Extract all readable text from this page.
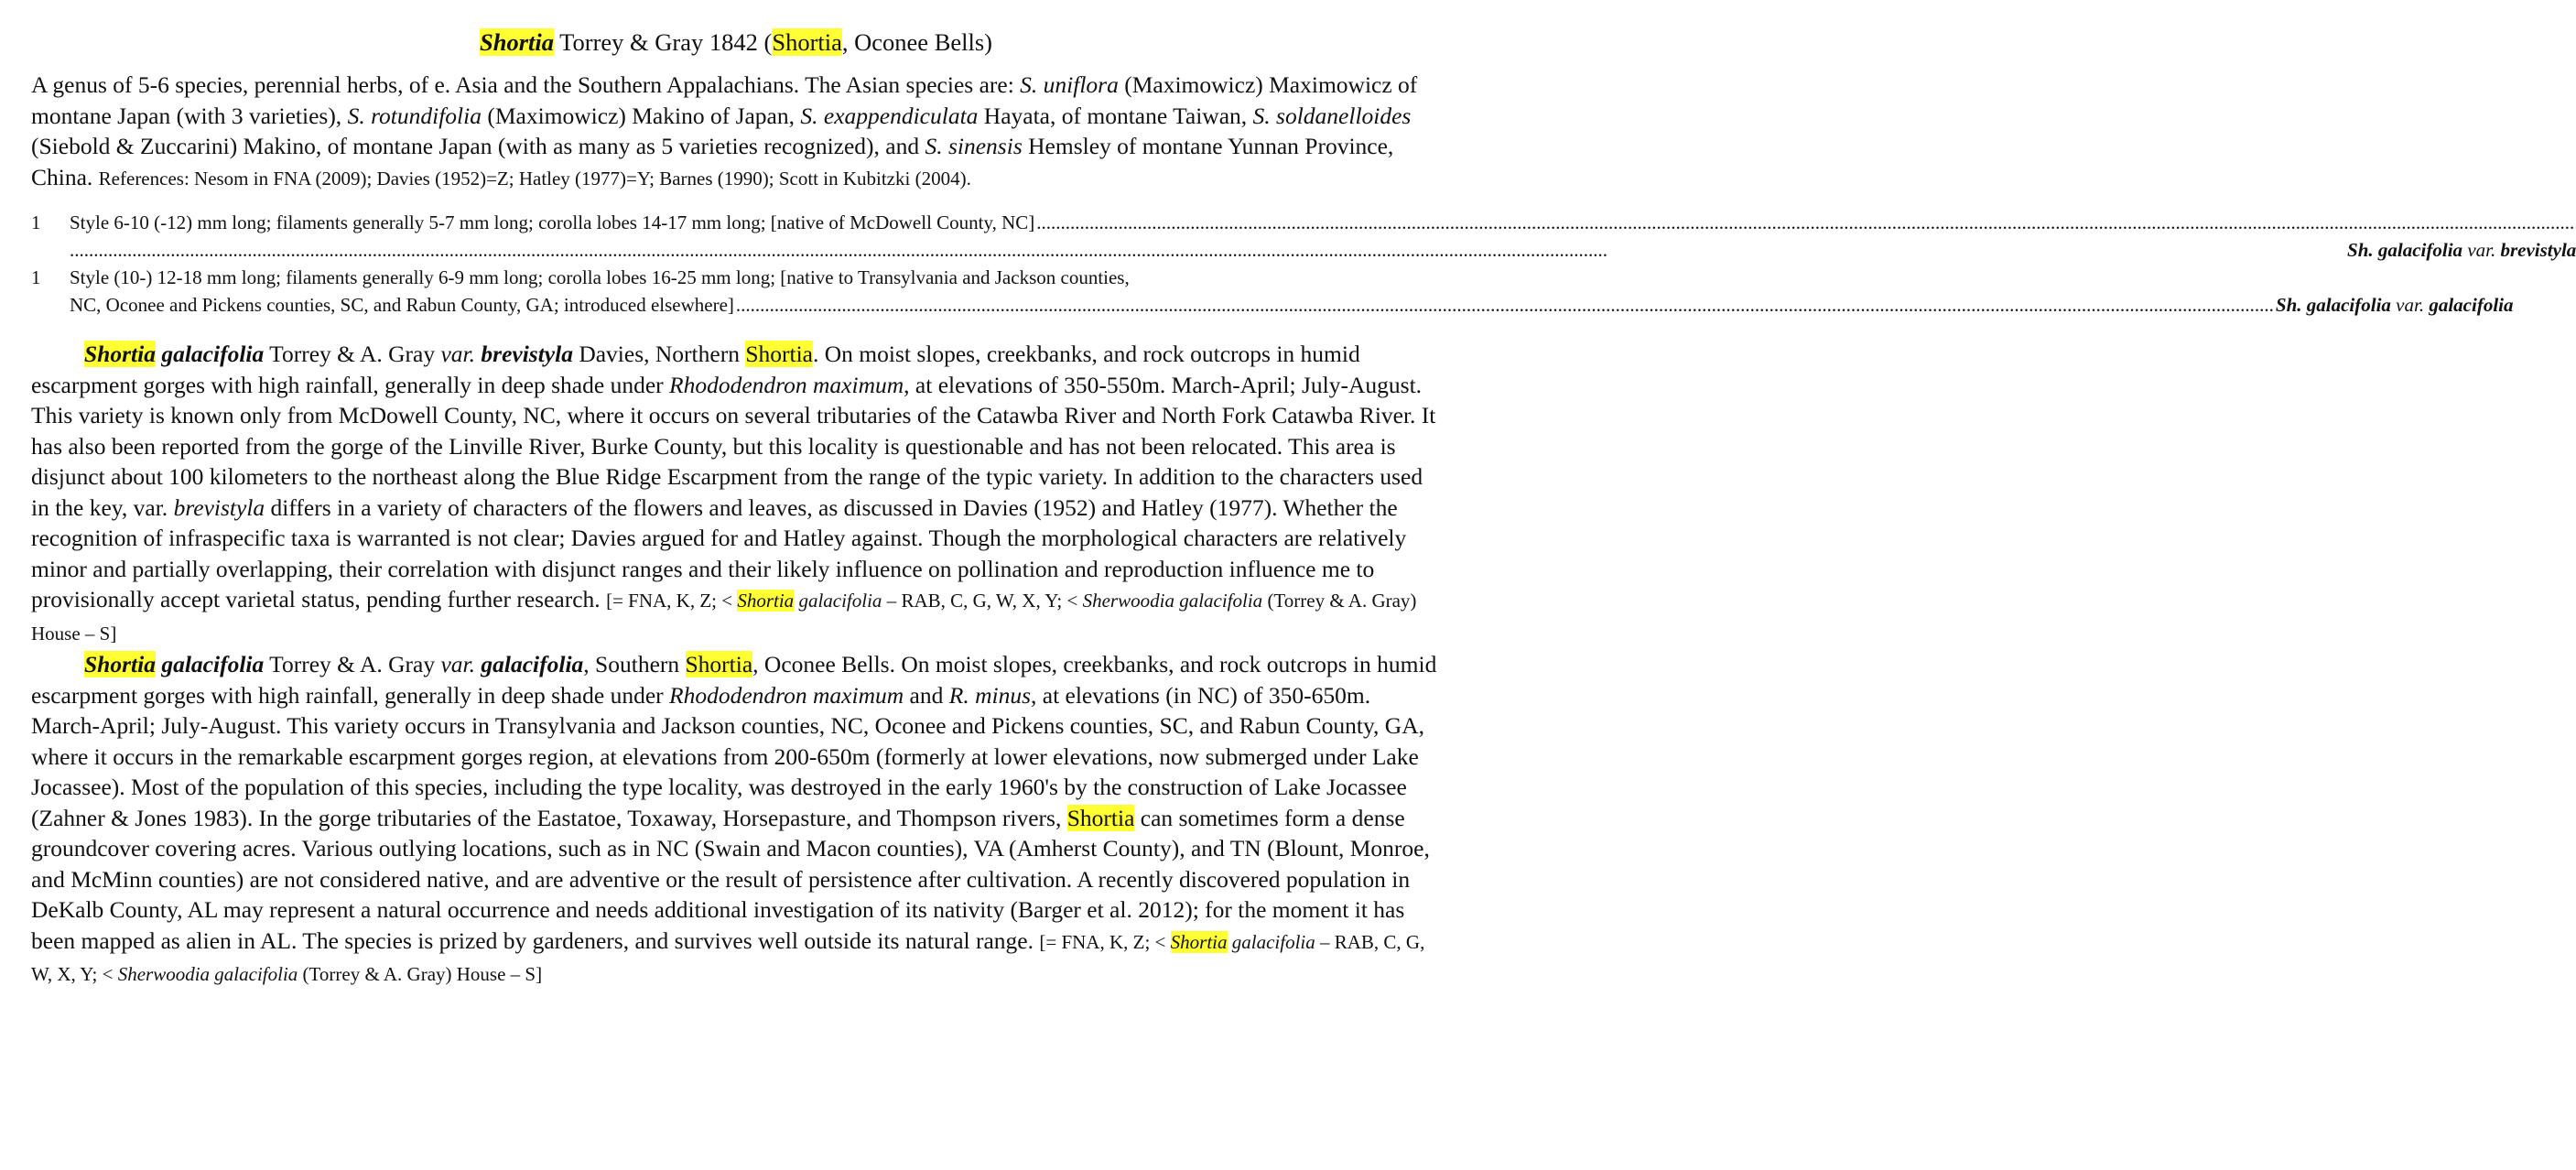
Shortia Torrey & Gray 1842 (Shortia, Oconee Bells)

A genus of 5-6 species, perennial herbs, of e. Asia and the Southern Appalachians. The Asian species are: S. uniflora (Maximowicz) Maximowicz of montane Japan (with 3 varieties), S. rotundifolia (Maximowicz) Makino of Japan, S. exappendiculata Hayata, of montane Taiwan, S. soldanelloides (Siebold & Zuccarini) Makino, of montane Japan (with as many as 5 varieties recognized), and S. sinensis Hemsley of montane Yunnan Province, China. References: Nesom in FNA (2009); Davies (1952)=Z; Hatley (1977)=Y; Barnes (1990); Scott in Kubitzki (2004).

1	Style 6-10 (-12) mm long; filaments generally 5-7 mm long; corolla lobes 14-17 mm long; [native of McDowell County, NC]
.....
.....
Sh. galacifolia var. brevistyla
1	Style (10-) 12-18 mm long; filaments generally 6-9 mm long; corolla lobes 16-25 mm long; [native to Transylvania and Jackson counties,
NC, Oconee and Pickens counties, SC, and Rabun County, GA; introduced elsewhere]
.....	Sh. galacifolia var. galacifolia

Shortia galacifolia Torrey & A. Gray var. brevistyla Davies, Northern Shortia. On moist slopes, creekbanks, and rock outcrops in humid escarpment gorges with high rainfall, generally in deep shade under Rhododendron maximum, at elevations of 350-550m. March-April; July-August. This variety is known only from McDowell County, NC, where it occurs on several tributaries of the Catawba River and North Fork Catawba River. It has also been reported from the gorge of the Linville River, Burke County, but this locality is questionable and has not been relocated. This area is disjunct about 100 kilometers to the northeast along the Blue Ridge Escarpment from the range of the typic variety. In addition to the characters used in the key, var. brevistyla differs in a variety of characters of the flowers and leaves, as discussed in Davies (1952) and Hatley (1977). Whether the recognition of infraspecific taxa is warranted is not clear; Davies argued for and Hatley against. Though the morphological characters are relatively minor and partially overlapping, their correlation with disjunct ranges and their likely influence on pollination and reproduction influence me to provisionally accept varietal status, pending further research. [= FNA, K, Z; < Shortia galacifolia – RAB, C, G, W, X, Y; < Sherwoodia galacifolia (Torrey & A. Gray) House – S]

Shortia galacifolia Torrey & A. Gray var. galacifolia, Southern Shortia, Oconee Bells. On moist slopes, creekbanks, and rock outcrops in humid escarpment gorges with high rainfall, generally in deep shade under Rhododendron maximum and R. minus, at elevations (in NC) of 350-650m. March-April; July-August. This variety occurs in Transylvania and Jackson counties, NC, Oconee and Pickens counties, SC, and Rabun County, GA, where it occurs in the remarkable escarpment gorges region, at elevations from 200-650m (formerly at lower elevations, now submerged under Lake Jocassee). Most of the population of this species, including the type locality, was destroyed in the early 1960's by the construction of Lake Jocassee (Zahner & Jones 1983). In the gorge tributaries of the Eastatoe, Toxaway, Horsepasture, and Thompson rivers, Shortia can sometimes form a dense groundcover covering acres. Various outlying locations, such as in NC (Swain and Macon counties), VA (Amherst County), and TN (Blount, Monroe, and McMinn counties) are not considered native, and are adventive or the result of persistence after cultivation. A recently discovered population in DeKalb County, AL may represent a natural occurrence and needs additional investigation of its nativity (Barger et al. 2012); for the moment it has been mapped as alien in AL. The species is prized by gardeners, and survives well outside its natural range. [= FNA, K, Z; < Shortia galacifolia – RAB, C, G, W, X, Y; < Sherwoodia galacifolia (Torrey & A. Gray) House – S]
